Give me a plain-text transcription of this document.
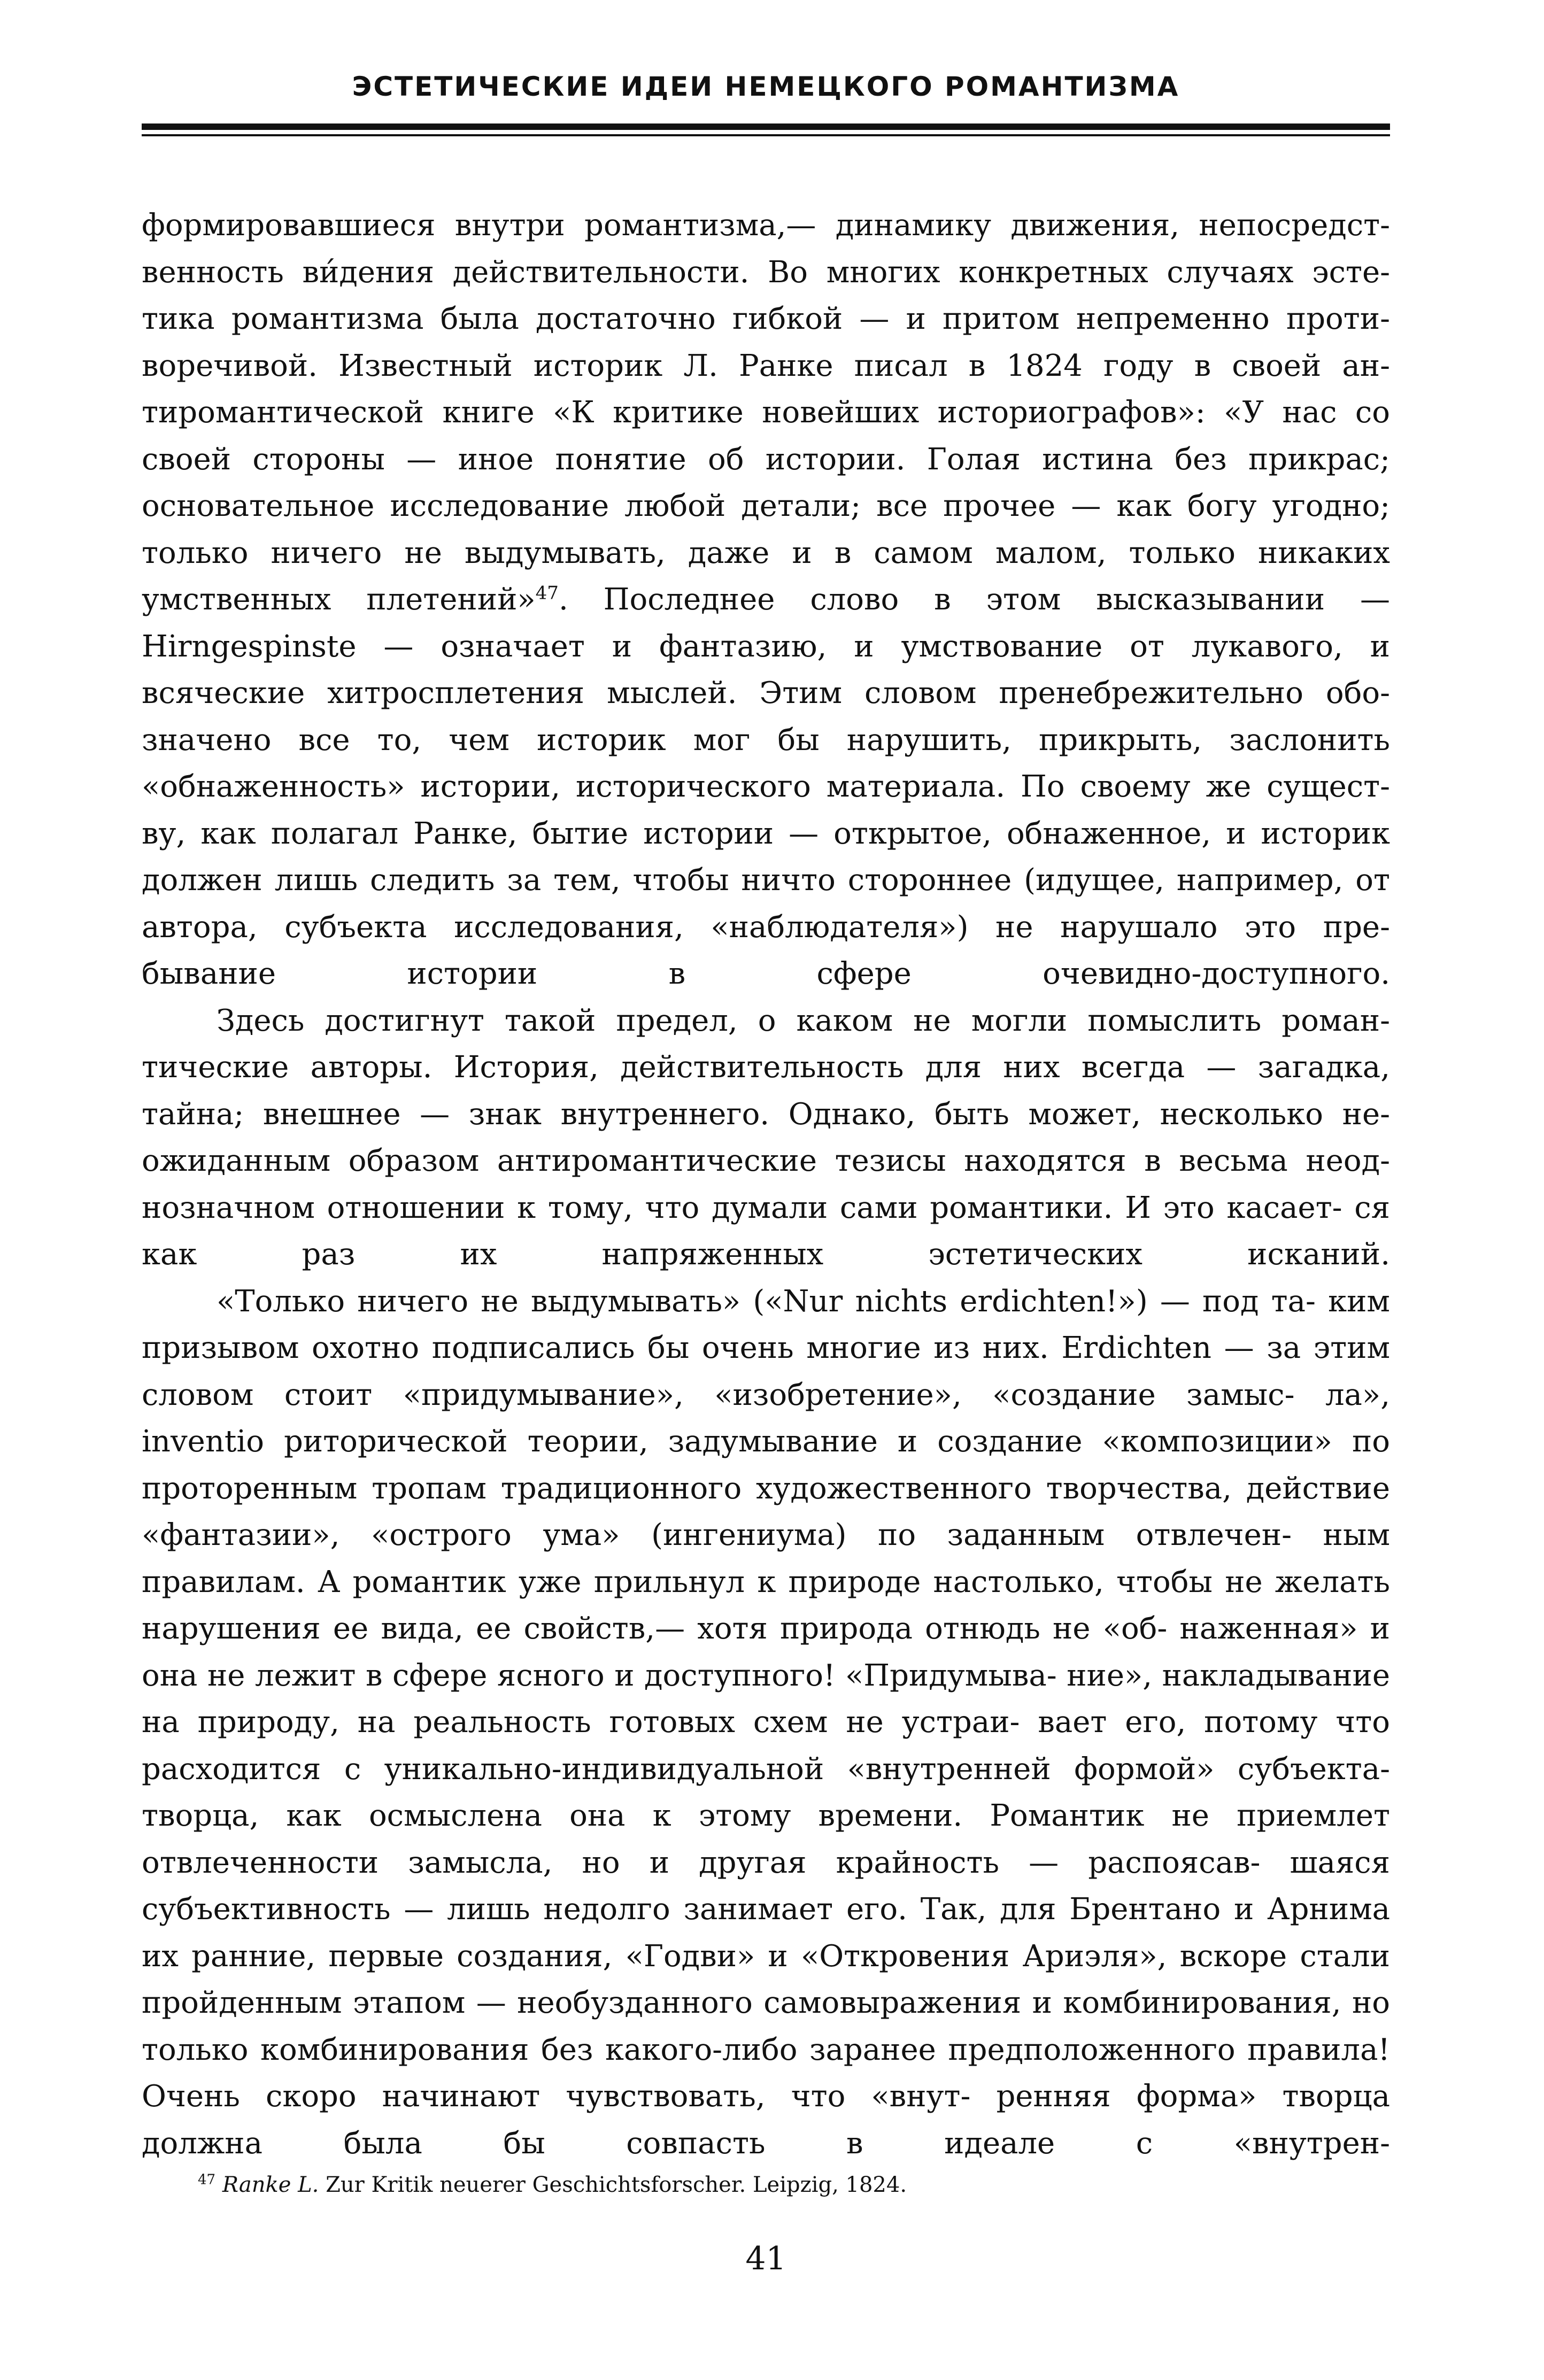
ЭСТЕТИЧЕСКИЕ ИДЕИ НЕМЕЦКОГО РОМАНТИЗМА

формировавшиеся внутри романтизма,— динамику движения, непосредст- венность ви́дения действительности. Во многих конкретных случаях эсте- тика романтизма была достаточно гибкой — и притом непременно проти- воречивой. Известный историк Л. Ранке писал в 1824 году в своей ан- тиромантической книге «К критике новейших историографов»: «У нас со своей стороны — иное понятие об истории. Голая истина без прикрас; основательное исследование любой детали; все прочее — как богу угодно; только ничего не выдумывать, даже и в самом малом, только никаких умственных плетений»$^{47}$. Последнее слово в этом высказывании — Hirngespinste — означает и фантазию, и умствование от лукавого, и всяческие хитросплетения мыслей. Этим словом пренебрежительно обо- значено все то, чем историк мог бы нарушить, прикрыть, заслонить «обнаженность» истории, исторического материала. По своему же сущест- ву, как полагал Ранке, бытие истории — открытое, обнаженное, и историк должен лишь следить за тем, чтобы ничто стороннее (идущее, например, от автора, субъекта исследования, «наблюдателя») не нарушало это пре- бывание истории в сфере очевидно-доступного.

Здесь достигнут такой предел, о каком не могли помыслить роман- тические авторы. История, действительность для них всегда — загадка, тайна; внешнее — знак внутреннего. Однако, быть может, несколько не- ожиданным образом антиромантические тезисы находятся в весьма неод- нозначном отношении к тому, что думали сами романтики. И это касает- ся как раз их напряженных эстетических исканий.

«Только ничего не выдумывать» («Nur nichts erdichten!») — под та- ким призывом охотно подписались бы очень многие из них. Erdichten — за этим словом стоит «придумывание», «изобретение», «создание замыс- ла», inventio риторической теории, задумывание и создание «композиции» по проторенным тропам традиционного художественного творчества, действие «фантазии», «острого ума» (ингениума) по заданным отвлечен- ным правилам. А романтик уже прильнул к природе настолько, чтобы не желать нарушения ее вида, ее свойств,— хотя природа отнюдь не «об- наженная» и она не лежит в сфере ясного и доступного! «Придумыва- ние», накладывание на природу, на реальность готовых схем не устраи- вает его, потому что расходится с уникально-индивидуальной «внутренней формой» субъекта-творца, как осмыслена она к этому времени. Романтик не приемлет отвлеченности замысла, но и другая крайность — распоясав- шаяся субъективность — лишь недолго занимает его. Так, для Брентано и Арнима их ранние, первые создания, «Годви» и «Откровения Ариэля», вскоре стали пройденным этапом — необузданного самовыражения и комбинирования, но только комбинирования без какого-либо заранее предположенного правила! Очень скоро начинают чувствовать, что «внут- ренняя форма» творца должна была бы совпасть в идеале с «внутрен-

$^{47}$ Ranke L. Zur Kritik neuerer Geschichtsforscher. Leipzig, 1824.
41
